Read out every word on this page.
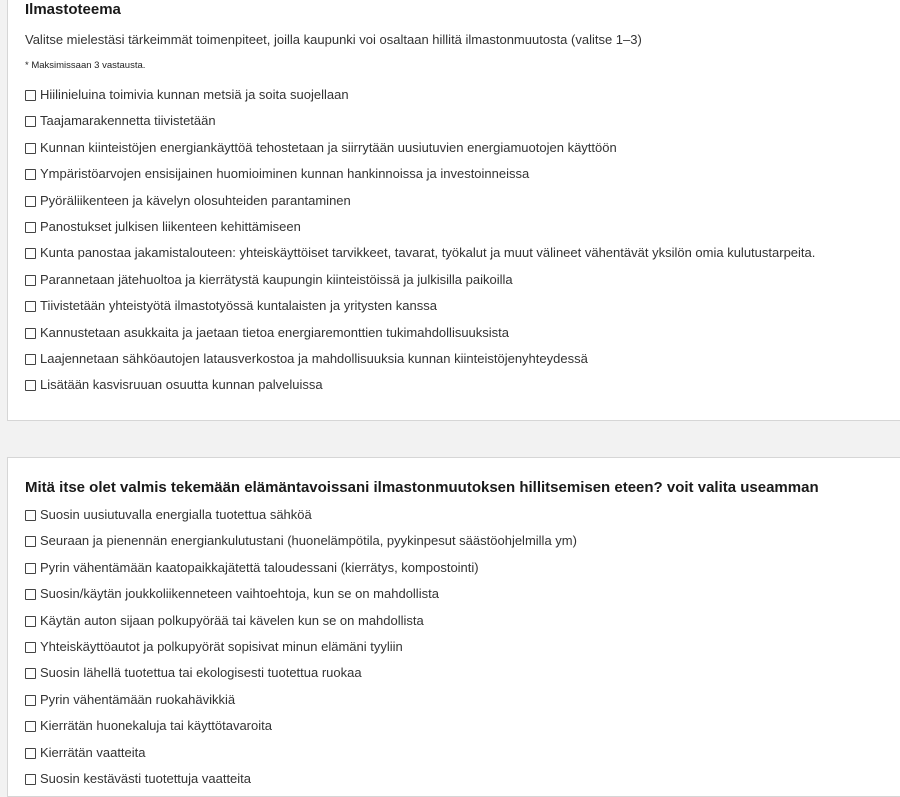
Ilmastoteema
Valitse mielestäsi tärkeimmät toimenpiteet, joilla kaupunki voi osaltaan hillitä ilmastonmuutosta (valitse 1–3)
* Maksimissaan 3 vastausta.
Hiilinieluina toimivia kunnan metsiä ja soita suojellaan
Taajamarakennetta tiivistetään
Kunnan kiinteistöjen energiankäyttöä tehostetaan ja siirrytään uusiutuvien energiamuotojen käyttöön
Ympäristöarvojen ensisijainen huomioiminen kunnan hankinnoissa ja investoinneissa
Pyöräliikenteen ja kävelyn olosuhteiden parantaminen
Panostukset julkisen liikenteen kehittämiseen
Kunta panostaa jakamistalouteen: yhteiskäyttöiset tarvikkeet, tavarat, työkalut ja muut välineet vähentävät yksilön omia kulutustarpeita.
Parannetaan jätehuoltoa ja kierrätystä kaupungin kiinteistöissä ja julkisilla paikoilla
Tiivistetään yhteistyötä ilmastotyössä kuntalaisten ja yritysten kanssa
Kannustetaan asukkaita ja jaetaan tietoa energiaremonttien tukimahdollisuuksista
Laajennetaan sähköautojen latausverkostoa ja mahdollisuuksia kunnan kiinteistöjenyhteydessä
Lisätään kasvisruuan osuutta kunnan palveluissa
Mitä itse olet valmis tekemään elämäntavoissani ilmastonmuutoksen hillitsemisen eteen? voit valita useamman
Suosin uusiutuvalla energialla tuotettua sähköä
Seuraan ja pienennän energiankulutustani (huonelämpötila, pyykinpesut säästöohjelmilla ym)
Pyrin vähentämään kaatopaikkajätettä taloudessani (kierrätys, kompostointi)
Suosin/käytän joukkoliikenneteen vaihtoehtoja, kun se on mahdollista
Käytän auton sijaan polkupyörää tai kävelen kun se on mahdollista
Yhteiskäyttöautot ja polkupyörät sopisivat minun elämäni tyyliin
Suosin lähellä tuotettua tai ekologisesti tuotettua ruokaa
Pyrin vähentämään ruokahävikkiä
Kierrätän huonekaluja tai käyttötavaroita
Kierrätän vaatteita
Suosin kestävästi tuotettuja vaatteita
